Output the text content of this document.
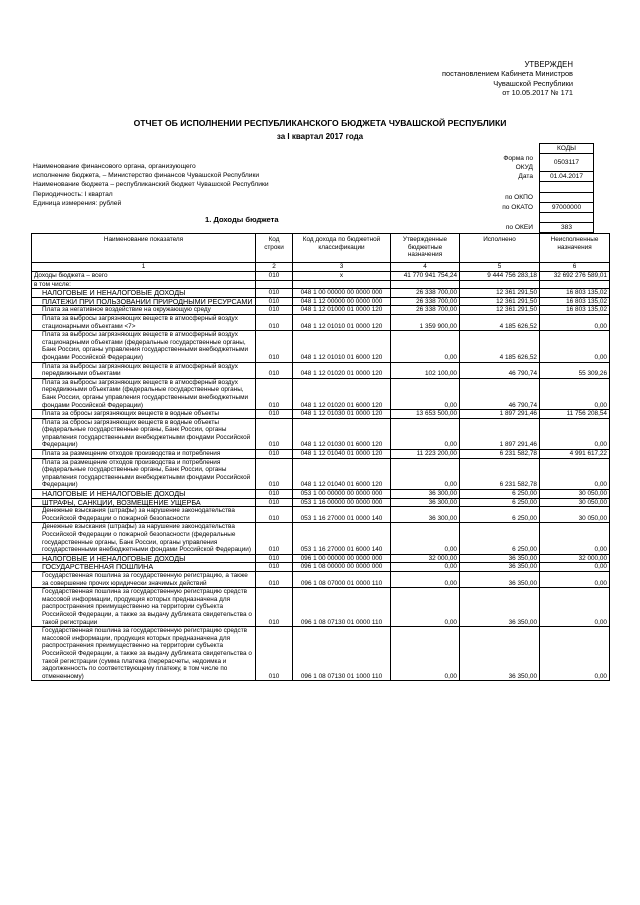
УТВЕРЖДЕН
постановлением Кабинета Министров
Чувашской Республики
от 10.05.2017 № 171
ОТЧЕТ ОБ ИСПОЛНЕНИИ РЕСПУБЛИКАНСКОГО БЮДЖЕТА ЧУВАШСКОЙ РЕСПУБЛИКИ
за I квартал 2017 года
	КОДЫ
Форма по ОКУД	0503117
Дата	01.04.2017

по ОКПО	
по ОКАТО	97000000

по ОКЕИ	383
Наименование финансового органа, организующего
исполнение бюджета, – Министерство финансов Чувашской Республики
Наименование бюджета – республиканский бюджет Чувашской Республики
Периодичность: I квартал
Единица измерения: рублей
1. Доходы бюджета
Наименование показателя	Код строки	Код дохода по бюджетной классификации	Утвержденные бюджетные назначения	Исполнено	Неисполненные назначения
1	2	3	4	5	6
Доходы бюджета – всего	010	x	41 770 941 754,24	9 444 756 283,18	32 692 276 589,01
в том числе:					
НАЛОГОВЫЕ И НЕНАЛОГОВЫЕ ДОХОДЫ	010	048 1 00 00000 00 0000 000	26 338 700,00	12 361 291,50	16 803 135,02
ПЛАТЕЖИ ПРИ ПОЛЬЗОВАНИИ ПРИРОДНЫМИ РЕСУРСАМИ	010	048 1 12 00000 00 0000 000	26 338 700,00	12 361 291,50	16 803 135,02
Плата за негативное воздействие на окружающую среду	010	048 1 12 01000 01 0000 120	26 338 700,00	12 361 291,50	16 803 135,02
Плата за выбросы загрязняющих веществ в атмосферный воздух стационарными объектами <7>	010	048 1 12 01010 01 0000 120	1 359 900,00	4 185 626,52	0,00
Плата за выбросы загрязняющих веществ в атмосферный воздух стационарными объектами (федеральные государственные органы, Банк России, органы управления государственными внебюджетными фондами Российской Федерации)	010	048 1 12 01010 01 6000 120	0,00	4 185 626,52	0,00
Плата за выбросы загрязняющих веществ в атмосферный воздух передвижными объектами	010	048 1 12 01020 01 0000 120	102 100,00	46 790,74	55 309,26
Плата за выбросы загрязняющих веществ в атмосферный воздух передвижными объектами (федеральные государственные органы, Банк России, органы управления государственными внебюджетными фондами Российской Федерации)	010	048 1 12 01020 01 6000 120	0,00	46 790,74	0,00
Плата за сбросы загрязняющих веществ в водные объекты	010	048 1 12 01030 01 0000 120	13 653 500,00	1 897 291,46	11 756 208,54
Плата за сбросы загрязняющих веществ в водные объекты (федеральные государственные органы, Банк России, органы управления государственными внебюджетными фондами Российской Федерации)	010	048 1 12 01030 01 6000 120	0,00	1 897 291,46	0,00
Плата за размещение отходов производства и потребления	010	048 1 12 01040 01 0000 120	11 223 200,00	6 231 582,78	4 991 617,22
Плата за размещение отходов производства и потребления (федеральные государственные органы, Банк России, органы управления государственными внебюджетными фондами Российской Федерации)	010	048 1 12 01040 01 6000 120	0,00	6 231 582,78	0,00
НАЛОГОВЫЕ И НЕНАЛОГОВЫЕ ДОХОДЫ	010	053 1 00 00000 00 0000 000	36 300,00	6 250,00	30 050,00
ШТРАФЫ, САНКЦИИ, ВОЗМЕЩЕНИЕ УЩЕРБА	010	053 1 16 00000 00 0000 000	36 300,00	6 250,00	30 050,00
Денежные взыскания (штрафы) за нарушение законодательства Российской Федерации о пожарной безопасности	010	053 1 16 27000 01 0000 140	36 300,00	6 250,00	30 050,00
Денежные взыскания (штрафы) за нарушение законодательства Российской Федерации о пожарной безопасности (федеральные государственные органы, Банк России, органы управления государственными внебюджетными фондами Российской Федерации)	010	053 1 16 27000 01 6000 140	0,00	6 250,00	0,00
НАЛОГОВЫЕ И НЕНАЛОГОВЫЕ ДОХОДЫ	010	096 1 00 00000 00 0000 000	32 000,00	36 350,00	32 000,00
ГОСУДАРСТВЕННАЯ ПОШЛИНА	010	096 1 08 00000 00 0000 000	0,00	36 350,00	0,00
Государственная пошлина за государственную регистрацию, а также за совершение прочих юридически значимых действий	010	096 1 08 07000 01 0000 110	0,00	36 350,00	0,00
Государственная пошлина за государственную регистрацию средств массовой информации, продукция которых предназначена для распространения преимущественно на территории субъекта Российской Федерации, а также за выдачу дубликата свидетельства о такой регистрации	010	096 1 08 07130 01 0000 110	0,00	36 350,00	0,00
Государственная пошлина за государственную регистрацию средств массовой информации, продукция которых предназначена для распространения преимущественно на территории субъекта Российской Федерации, а также за выдачу дубликата свидетельства о такой регистрации (сумма платежа (перерасчеты, недоимка и задолженность по соответствующему платежу, в том числе по отмененному)	010	096 1 08 07130 01 1000 110	0,00	36 350,00	0,00
